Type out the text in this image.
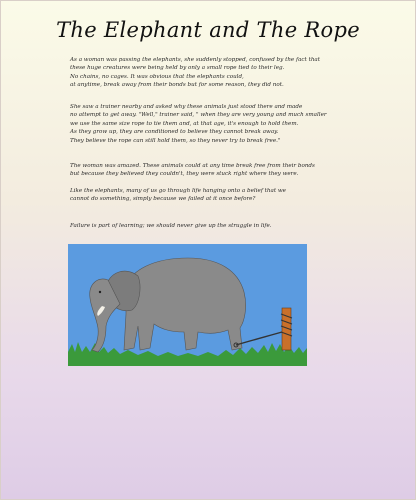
The Elephant and The Rope
As a woman was passing the elephants, she suddenly stopped, confused by the fact that
these huge creatures were being held by only a small rope tied to their leg.
No chains, no cages. It was obvious that the elephants could,
at anytime, break away from their bonds but for some reason, they did not.
She saw a trainer nearby and asked why these animals just stood there and made
no attempt to get away. "Well," trainer said, " when they are very young and much smaller
we use the same size rope to tie them and, at that age, it's enough to hold them.
As they grow up, they are conditioned to believe they cannot break away.
They believe the rope can still hold them, so they never try to break free."
The woman was amazed. These animals could at any time break free from their bonds
but because they believed they couldn't, they were stuck right where they were.
Like the elephants, many of us go through life hanging onto a belief that we
cannot do something, simply because we failed at it once before?
Failure is part of learning; we should never give up the struggle in life.
